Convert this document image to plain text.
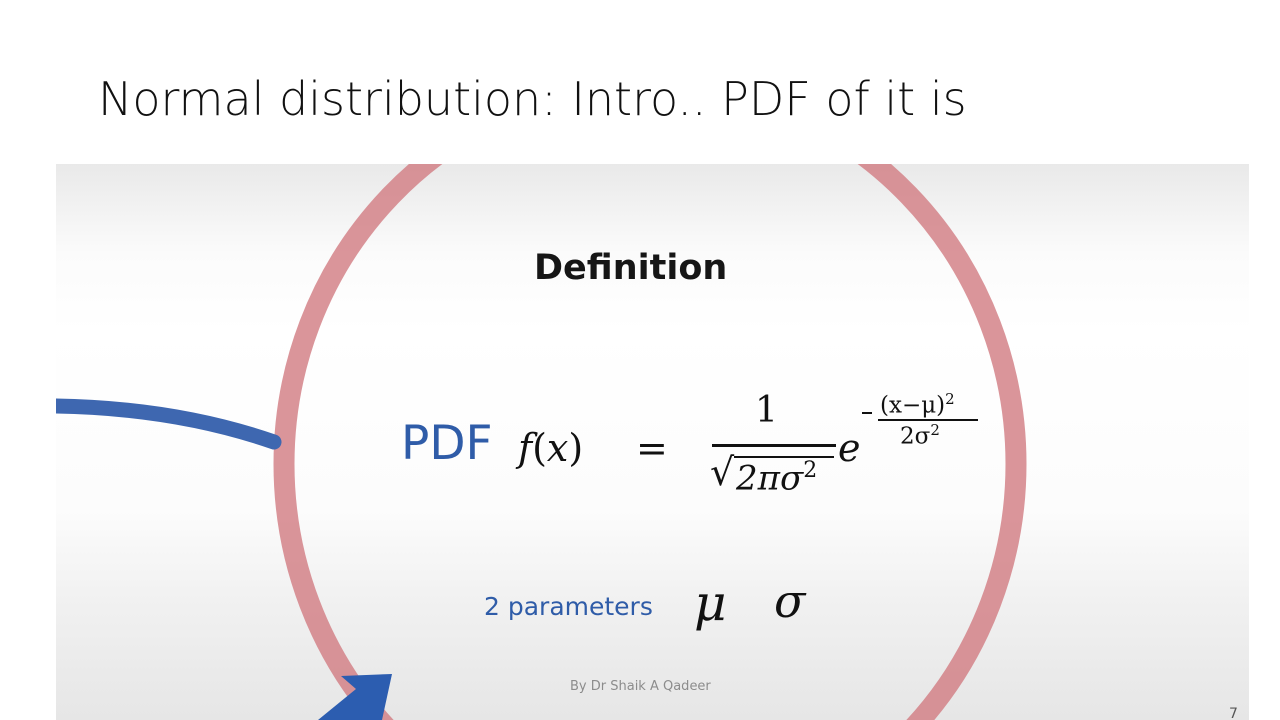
Normal distribution: Intro.. PDF of it is
Definition
PDF f(x) =
1
√ $2\pi\sigma^2$
e
$(x-\mu)^2$
$2\sigma^2$
2 parameters μ σ
By Dr Shaik A Qadeer
7
